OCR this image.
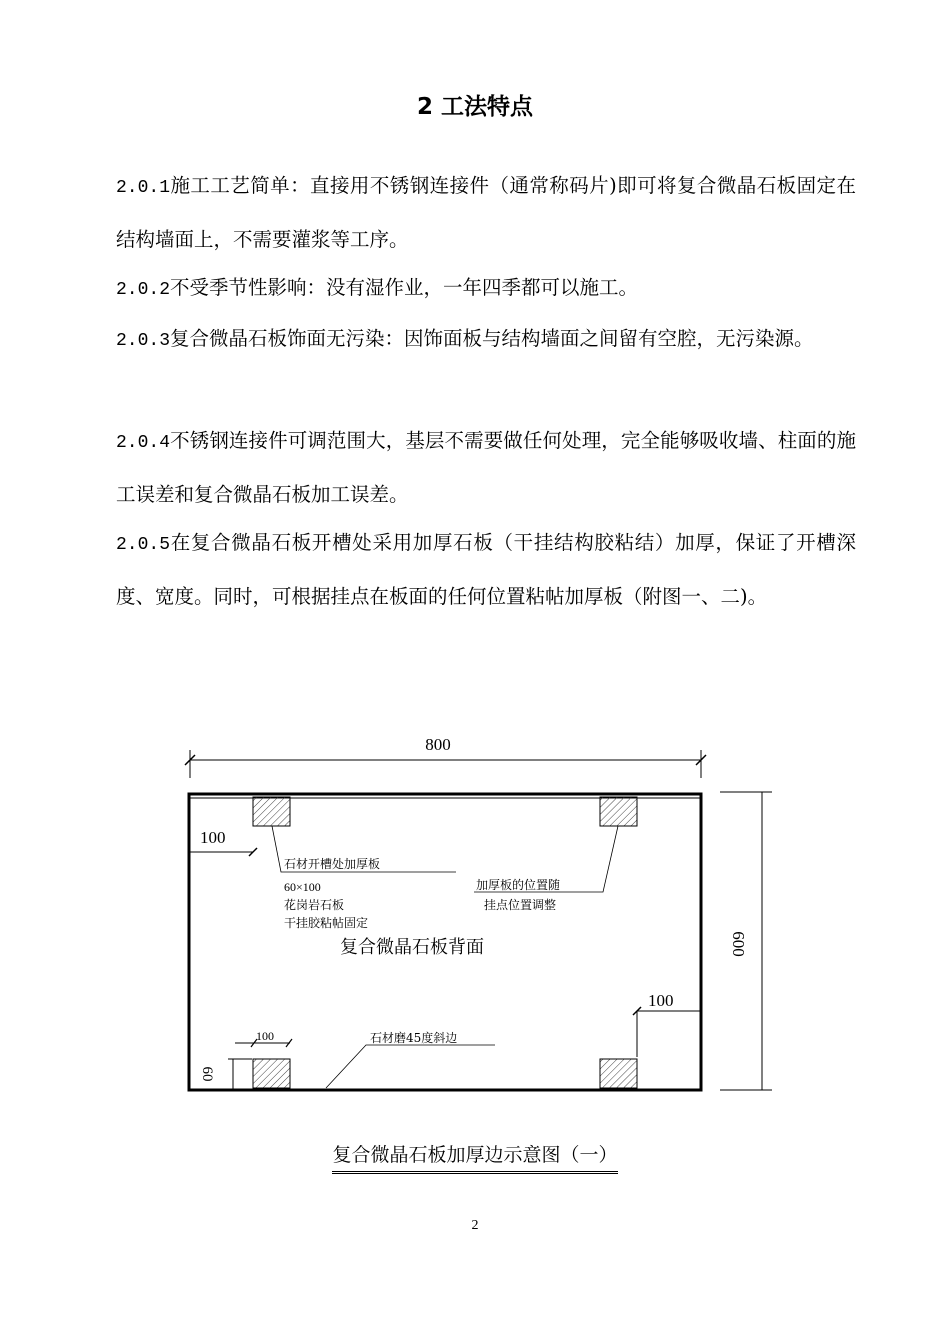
2 工法特点

2.0.1施工工艺简单：直接用不锈钢连接件（通常称码片)即可将复合微晶石板固定在结构墙面上，不需要灌浆等工序。

2.0.2不受季节性影响：没有湿作业，一年四季都可以施工。

2.0.3复合微晶石板饰面无污染：因饰面板与结构墙面之间留有空腔，无污染源。

2.0.4不锈钢连接件可调范围大，基层不需要做任何处理，完全能够吸收墙、柱面的施工误差和复合微晶石板加工误差。

2.0.5在复合微晶石板开槽处采用加厚石板（干挂结构胶粘结）加厚，保证了开槽深度、宽度。同时，可根据挂点在板面的任何位置粘帖加厚板（附图一、二)。

800
600
100
100
100
60
石材开槽处加厚板
60×100
花岗岩石板
干挂胶粘帖固定
加厚板的位置随
挂点位置调整
复合微晶石板背面
石材磨45度斜边
复合微晶石板加厚边示意图（一）
2
